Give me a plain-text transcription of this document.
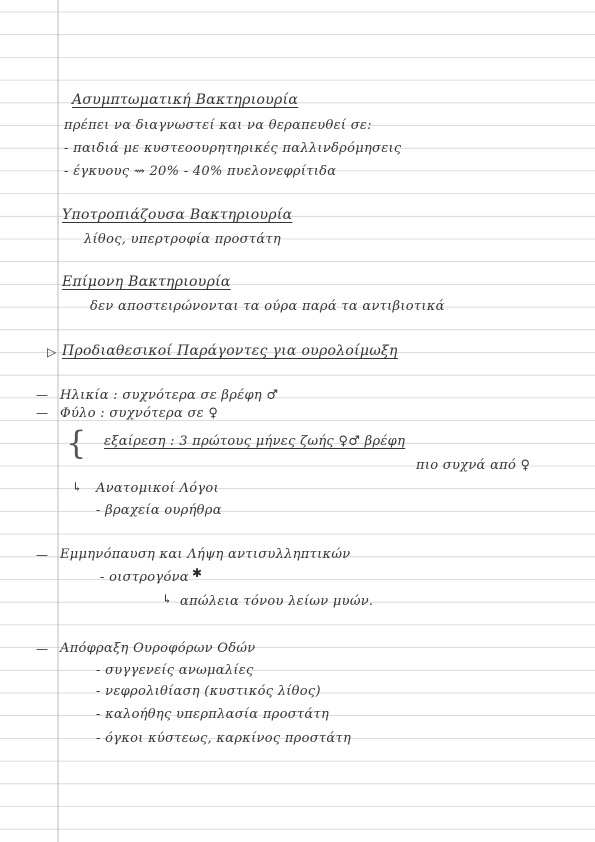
Ασυμπτωματική Βακτηριουρία

πρέπει να διαγνωστεί και να θεραπευθεί σε:

- παιδιά με κυστεοουρητηρικές παλλινδρόμησεις

- έγκυους ⇝ 20% - 40% πυελονεφρίτιδα

Υποτροπιάζουσα Βακτηριουρία

λίθος, υπερτροφία προστάτη

Επίμονη Βακτηριουρία

δεν αποστειρώνονται τα ούρα παρά τα αντιβιοτικά

▷ Προδιαθεσικοί Παράγοντες για ουρολοίμωξη

— Ηλικία : συχνότερα σε βρέφη ♂

— Φύλο : συχνότερα σε ♀

{ εξαίρεση : 3 πρώτους μήνες ζωής ♀♂ βρέφη

πιο συχνά από ♀

↳ Ανατομικοί Λόγοι

- βραχεία ουρήθρα

— Εμμηνόπαυση και Λήψη αντισυλληπτικών

- οιστρογόνα ✱
↳ απώλεια τόνου λείων μυών.

— Απόφραξη Ουροφόρων Οδών

- συγγενείς ανωμαλίες

- νεφρολιθίαση (κυστικός λίθος)

- καλοήθης υπερπλασία προστάτη

- όγκοι κύστεως, καρκίνος προστάτη
